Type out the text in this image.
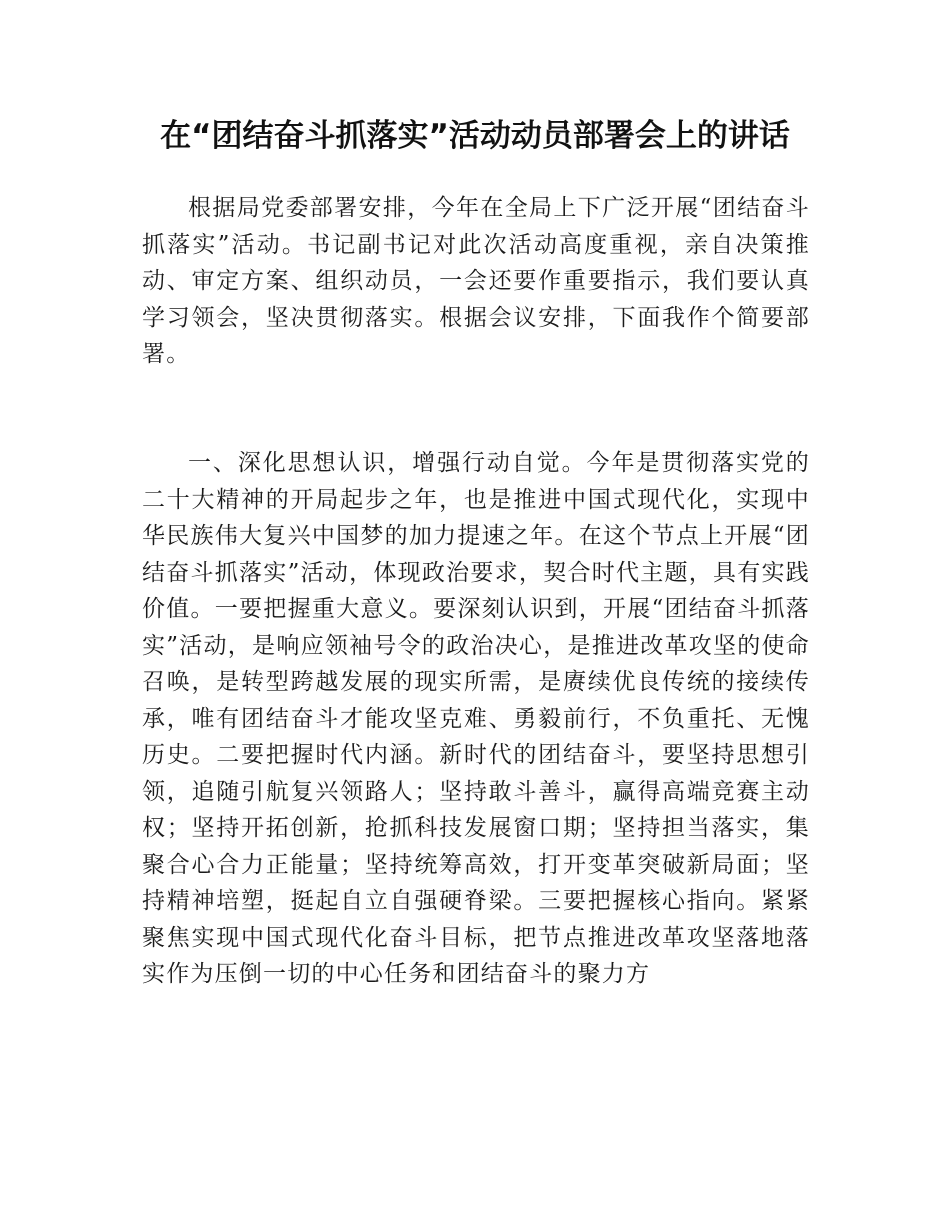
在“团结奋斗抓落实”活动动员部署会上的讲话

根据局党委部署安排，今年在全局上下广泛开展“团结奋斗抓落实”活动。书记副书记对此次活动高度重视，亲自决策推动、审定方案、组织动员，一会还要作重要指示，我们要认真学习领会，坚决贯彻落实。根据会议安排，下面我作个简要部署。

一、深化思想认识，增强行动自觉。今年是贯彻落实党的二十大精神的开局起步之年，也是推进中国式现代化，实现中华民族伟大复兴中国梦的加力提速之年。在这个节点上开展“团结奋斗抓落实”活动，体现政治要求，契合时代主题，具有实践价值。一要把握重大意义。要深刻认识到，开展“团结奋斗抓落实”活动，是响应领袖号令的政治决心，是推进改革攻坚的使命召唤，是转型跨越发展的现实所需，是赓续优良传统的接续传承，唯有团结奋斗才能攻坚克难、勇毅前行，不负重托、无愧历史。二要把握时代内涵。新时代的团结奋斗，要坚持思想引领，追随引航复兴领路人；坚持敢斗善斗，赢得高端竞赛主动权；坚持开拓创新，抢抓科技发展窗口期；坚持担当落实，集聚合心合力正能量；坚持统筹高效，打开变革突破新局面；坚持精神培塑，挺起自立自强硬脊梁。三要把握核心指向。紧紧聚焦实现中国式现代化奋斗目标，把节点推进改革攻坚落地落实作为压倒一切的中心任务和团结奋斗的聚力方
